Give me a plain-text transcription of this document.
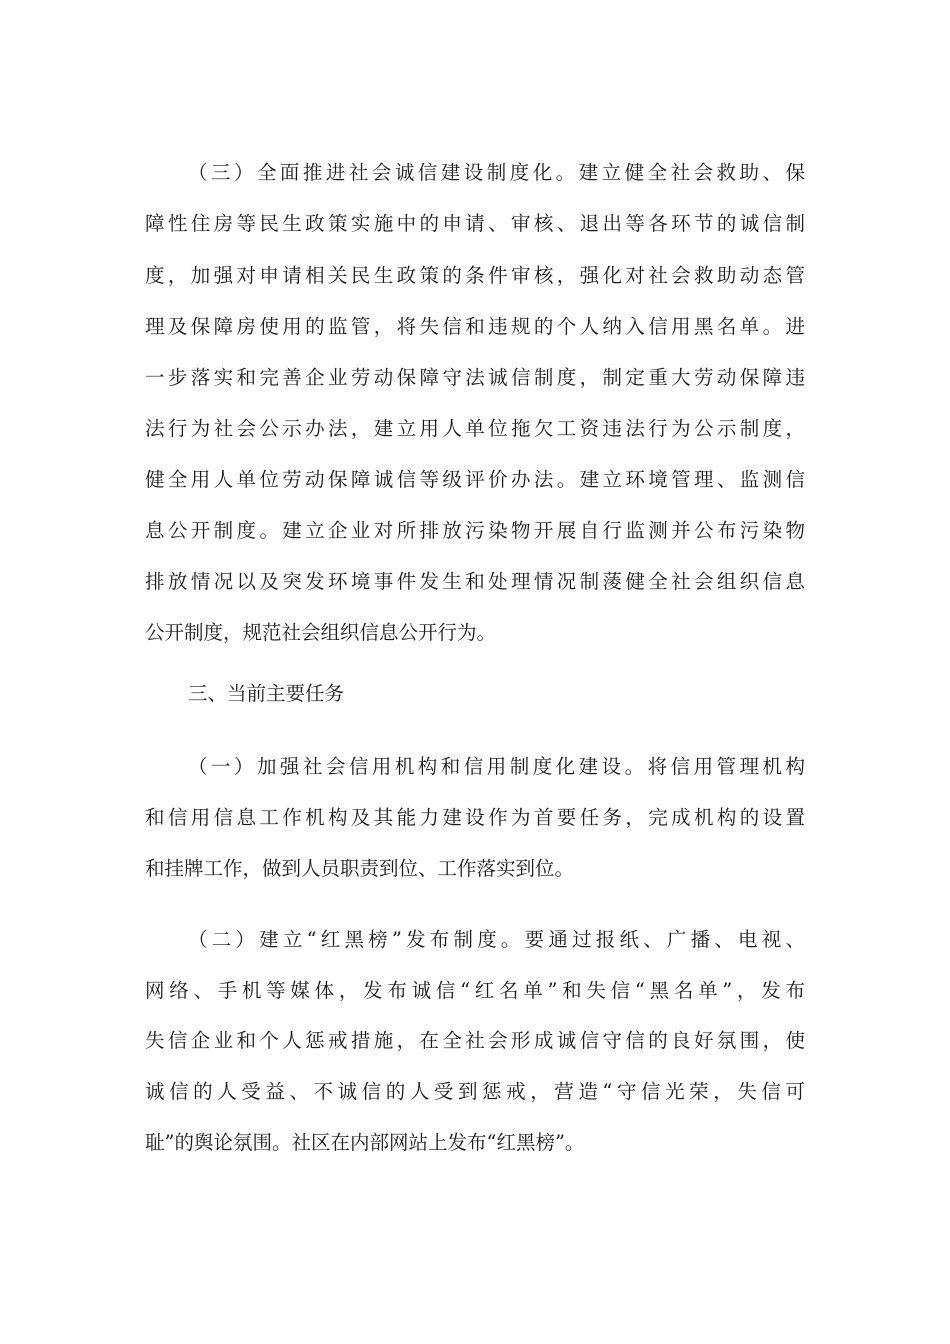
（三）全面推进社会诚信建设制度化。建立健全社会救助、保
障性住房等民生政策实施中的申请、审核、退出等各环节的诚信制
度，加强对申请相关民生政策的条件审核，强化对社会救助动态管
理及保障房使用的监管，将失信和违规的个人纳入信用黑名单。进
一步落实和完善企业劳动保障守法诚信制度，制定重大劳动保障违
法行为社会公示办法，建立用人单位拖欠工资违法行为公示制度，
健全用人单位劳动保障诚信等级评价办法。建立环境管理、监测信
息公开制度。建立企业对所排放污染物开展自行监测并公布污染物
排放情况以及突发环境事件发生和处理情况制蔆健全社会组织信息
公开制度，规范社会组织信息公开行为。
三、当前主要任务
（一）加强社会信用机构和信用制度化建设。将信用管理机构
和信用信息工作机构及其能力建设作为首要任务，完成机构的设置
和挂牌工作，做到人员职责到位、工作落实到位。
（二）建立“红黑榜”发布制度。要通过报纸、广播、电视、
网络、手机等媒体，发布诚信“红名单”和失信“黑名单”，发布
失信企业和个人惩戒措施，在全社会形成诚信守信的良好氛围，使
诚信的人受益、不诚信的人受到惩戒，营造“守信光荣，失信可
耻”的舆论氛围。社区在内部网站上发布“红黑榜”。
